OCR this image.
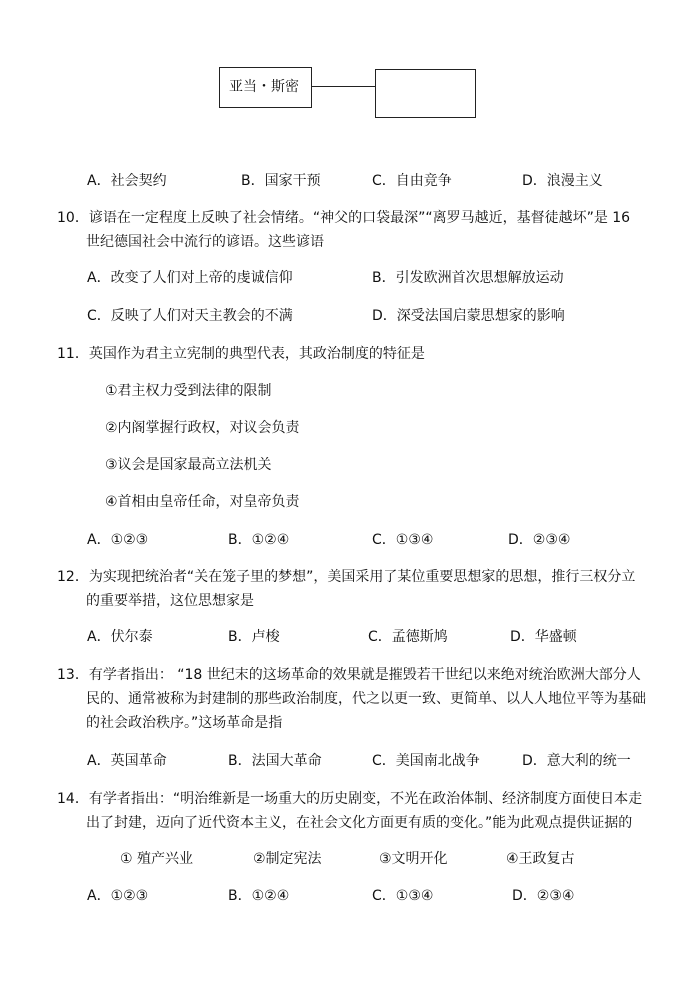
亚当・斯密
A．社会契约	B．国家干预	C．自由竞争	D．浪漫主义
10．谚语在一定程度上反映了社会情绪。“神父的口袋最深”“离罗马越近，基督徒越坏”是 16
世纪德国社会中流行的谚语。这些谚语
A．改变了人们对上帝的虔诚信仰	B．引发欧洲首次思想解放运动
C．反映了人们对天主教会的不满	D．深受法国启蒙思想家的影响
11．英国作为君主立宪制的典型代表，其政治制度的特征是
①君主权力受到法律的限制
②内阁掌握行政权，对议会负责
③议会是国家最高立法机关
④首相由皇帝任命，对皇帝负责
A．①②③	B．①②④	C．①③④	D．②③④
12．为实现把统治者“关在笼子里的梦想”，美国采用了某位重要思想家的思想，推行三权分立
的重要举措，这位思想家是
A．伏尔泰	B．卢梭	C．孟德斯鸠	D．华盛顿
13．有学者指出： “18 世纪末的这场革命的效果就是摧毁若干世纪以来绝对统治欧洲大部分人
民的、通常被称为封建制的那些政治制度，代之以更一致、更简单、以人人地位平等为基础
的社会政治秩序。”这场革命是指
A．英国革命	B．法国大革命	C．美国南北战争	D．意大利的统一
14．有学者指出：“明治维新是一场重大的历史剧变，不光在政治体制、经济制度方面使日本走
出了封建，迈向了近代资本主义，在社会文化方面更有质的变化。”能为此观点提供证据的
① 殖产兴业	②制定宪法	③文明开化	④王政复古
A．①②③	B．①②④	C．①③④	D．②③④
